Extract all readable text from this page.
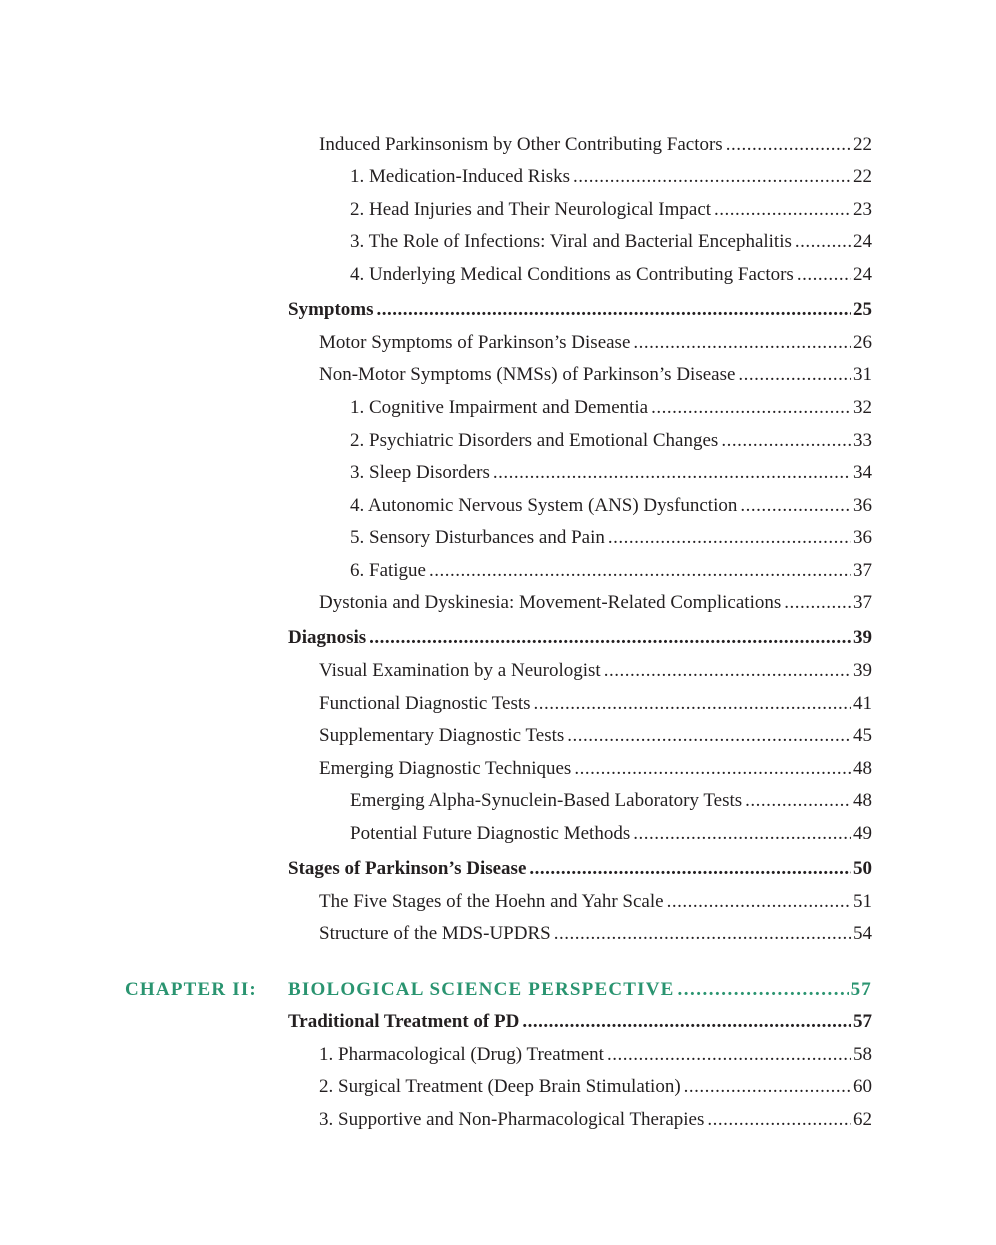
Induced Parkinsonism by Other Contributing Factors .....	22
1. Medication-Induced Risks .....	22
2. Head Injuries and Their Neurological Impact .....	23
3. The Role of Infections: Viral and Bacterial Encephalitis .....	24
4. Underlying Medical Conditions as Contributing Factors .....	24
Symptoms .....	25
Motor Symptoms of Parkinson’s Disease .....	26
Non-Motor Symptoms (NMSs) of Parkinson’s Disease .....	31
1. Cognitive Impairment and Dementia .....	32
2. Psychiatric Disorders and Emotional Changes .....	33
3. Sleep Disorders .....	34
4. Autonomic Nervous System (ANS) Dysfunction .....	36
5. Sensory Disturbances and Pain .....	36
6. Fatigue .....	37
Dystonia and Dyskinesia: Movement-Related Complications .....	37
Diagnosis .....	39
Visual Examination by a Neurologist .....	39
Functional Diagnostic Tests .....	41
Supplementary Diagnostic Tests .....	45
Emerging Diagnostic Techniques .....	48
Emerging Alpha-Synuclein-Based Laboratory Tests .....	48
Potential Future Diagnostic Methods .....	49
Stages of Parkinson’s Disease .....	50
The Five Stages of the Hoehn and Yahr Scale .....	51
Structure of the MDS-UPDRS .....	54
CHAPTER II: BIOLOGICAL SCIENCE PERSPECTIVE .....	57
Traditional Treatment of PD .....	57
1. Pharmacological (Drug) Treatment .....	58
2. Surgical Treatment (Deep Brain Stimulation) .....	60
3. Supportive and Non-Pharmacological Therapies .....	62
